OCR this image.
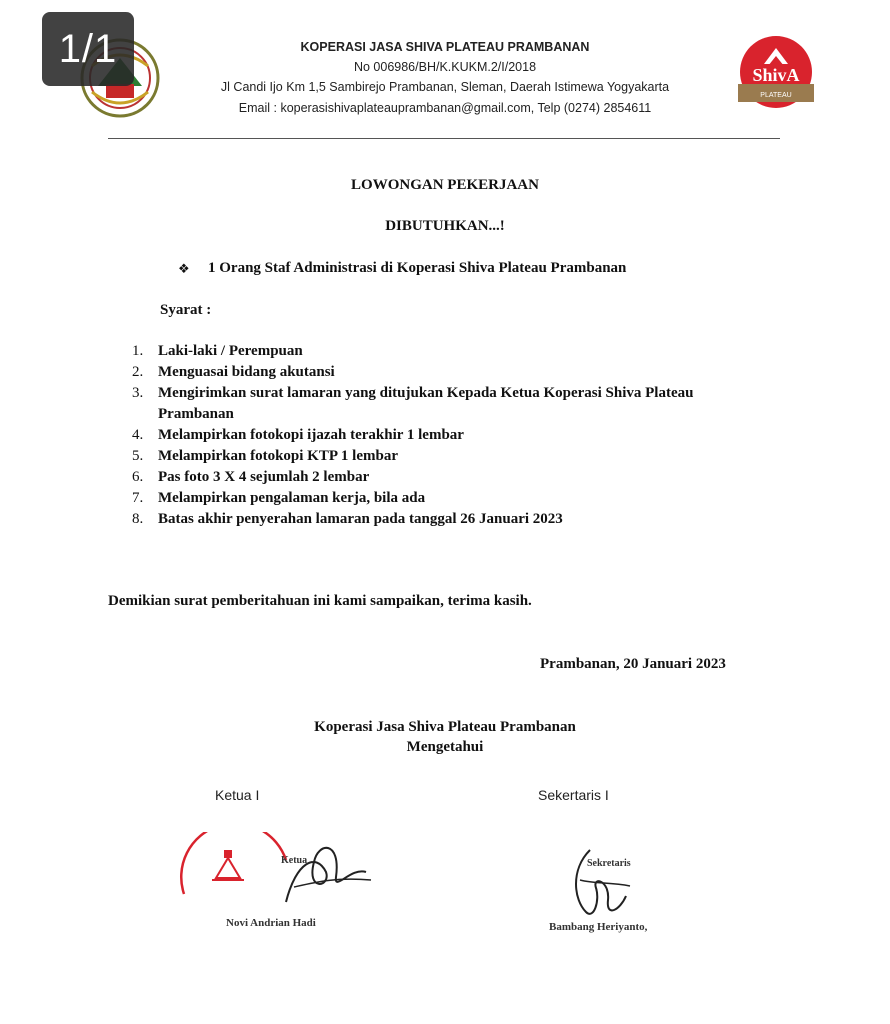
1/1	KOPERASI JASA SHIVA PLATEAU PRAMBANAN
No 006986/BH/K.KUKM.2/I/2018
Jl Candi Ijo Km 1,5 Sambirejo Prambanan, Sleman, Daerah Istimewa Yogyakarta
Email : koperasishivaplateauprambanan@gmail.com, Telp (0274) 2854611
ShivA
PLATEAU
LOWONGAN PEKERJAAN
DIBUTUHKAN...!
❖ 1 Orang Staf Administrasi di Koperasi Shiva Plateau Prambanan
Syarat :
1. Laki-laki / Perempuan
2. Menguasai bidang akutansi
3. Mengirimkan surat lamaran yang ditujukan Kepada Ketua Koperasi Shiva Plateau Prambanan
4. Melampirkan fotokopi ijazah terakhir 1 lembar
5. Melampirkan fotokopi KTP 1 lembar
6. Pas foto 3 X 4 sejumlah 2 lembar
7. Melampirkan pengalaman kerja, bila ada
8. Batas akhir penyerahan lamaran pada tanggal 26 Januari 2023
Demikian surat pemberitahuan ini kami sampaikan, terima kasih.
Prambanan, 20 Januari 2023
Koperasi Jasa Shiva Plateau Prambanan
Mengetahui
Ketua I	Sekertaris I
Ketua
Novi Andrian Hadi
Sekretaris
Bambang Heriyanto,
